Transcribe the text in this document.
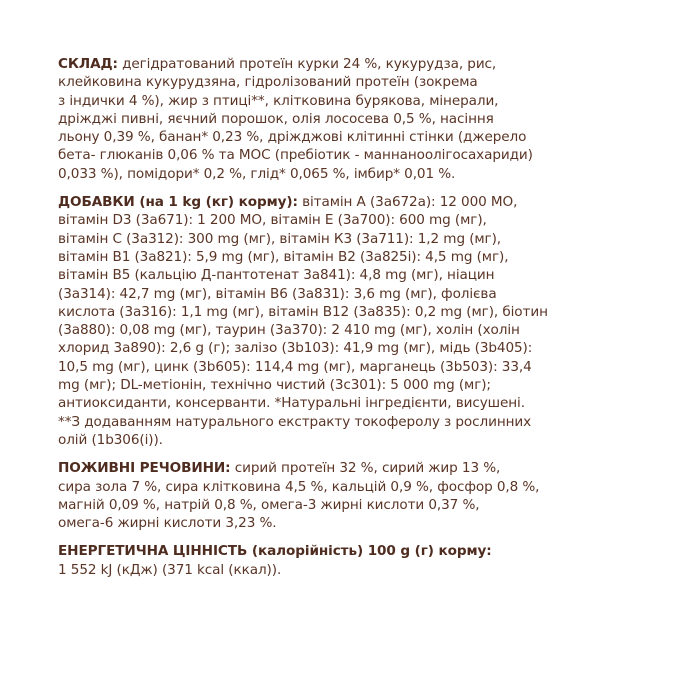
СКЛАД: дегідратований протеїн курки 24 %, кукурудза, рис,
клейковина кукурудзяна, гідролізований протеїн (зокрема
з індички 4 %), жир з птиці**, клітковина бурякова, мінерали,
дріжджі пивні, яєчний порошок, олія лососева 0,5 %, насіння
льону 0,39 %, банан* 0,23 %, дріжджові клітинні стінки (джерело
бета- глюканів 0,06 % та MOC (пребіотик - маннаноолігосахариди)
0,033 %), помідори* 0,2 %, глід* 0,065 %, імбир* 0,01 %.

ДОБАВКИ (на 1 kg (кг) корму): вітамін А (3а672а): 12 000 МО,
вітамін D3 (3a671): 1 200 МО, вітамін Е (3а700): 600 mg (мг),
вітамін С (3а312): 300 mg (мг), вітамін К3 (3а711): 1,2 mg (мг),
вітамін В1 (3а821): 5,9 mg (мг), вітамін В2 (3а825і): 4,5 mg (мг),
вітамін В5 (кальцію Д-пантотенат 3a841): 4,8 mg (мг), ніацин
(3а314): 42,7 mg (мг), вітамін В6 (3а831): 3,6 mg (мг), фолієва
кислота (3а316): 1,1 mg (мг), вітамін В12 (3а835): 0,2 mg (мг), біотин
(3а880): 0,08 mg (мг), таурин (3а370): 2 410 mg (мг), холін (холін
хлорид 3a890): 2,6 g (г); залізо (3b103): 41,9 mg (мг), мідь (3b405):
10,5 mg (мг), цинк (3b605): 114,4 mg (мг), марганець (3b503): 33,4
mg (мг); DL-метіонін, технічно чистий (3с301): 5 000 mg (мг);
антиоксиданти, консерванти. *Натуральні інгредієнти, висушені.
**З додаванням натурального екстракту токоферолу з рослинних
олій (1b306(i)).

ПОЖИВНІ РЕЧОВИНИ: сирий протеїн 32 %, сирий жир 13 %,
сира зола 7 %, сира клітковина 4,5 %, кальцій 0,9 %, фосфор 0,8 %,
магній 0,09 %, натрій 0,8 %, омега-3 жирні кислоти 0,37 %,
омега-6 жирні кислоти 3,23 %.

ЕНЕРГЕТИЧНА ЦІННІСТЬ (калорійність) 100 g (г) корму:
1 552 kJ (кДж) (371 kcal (ккал)).
